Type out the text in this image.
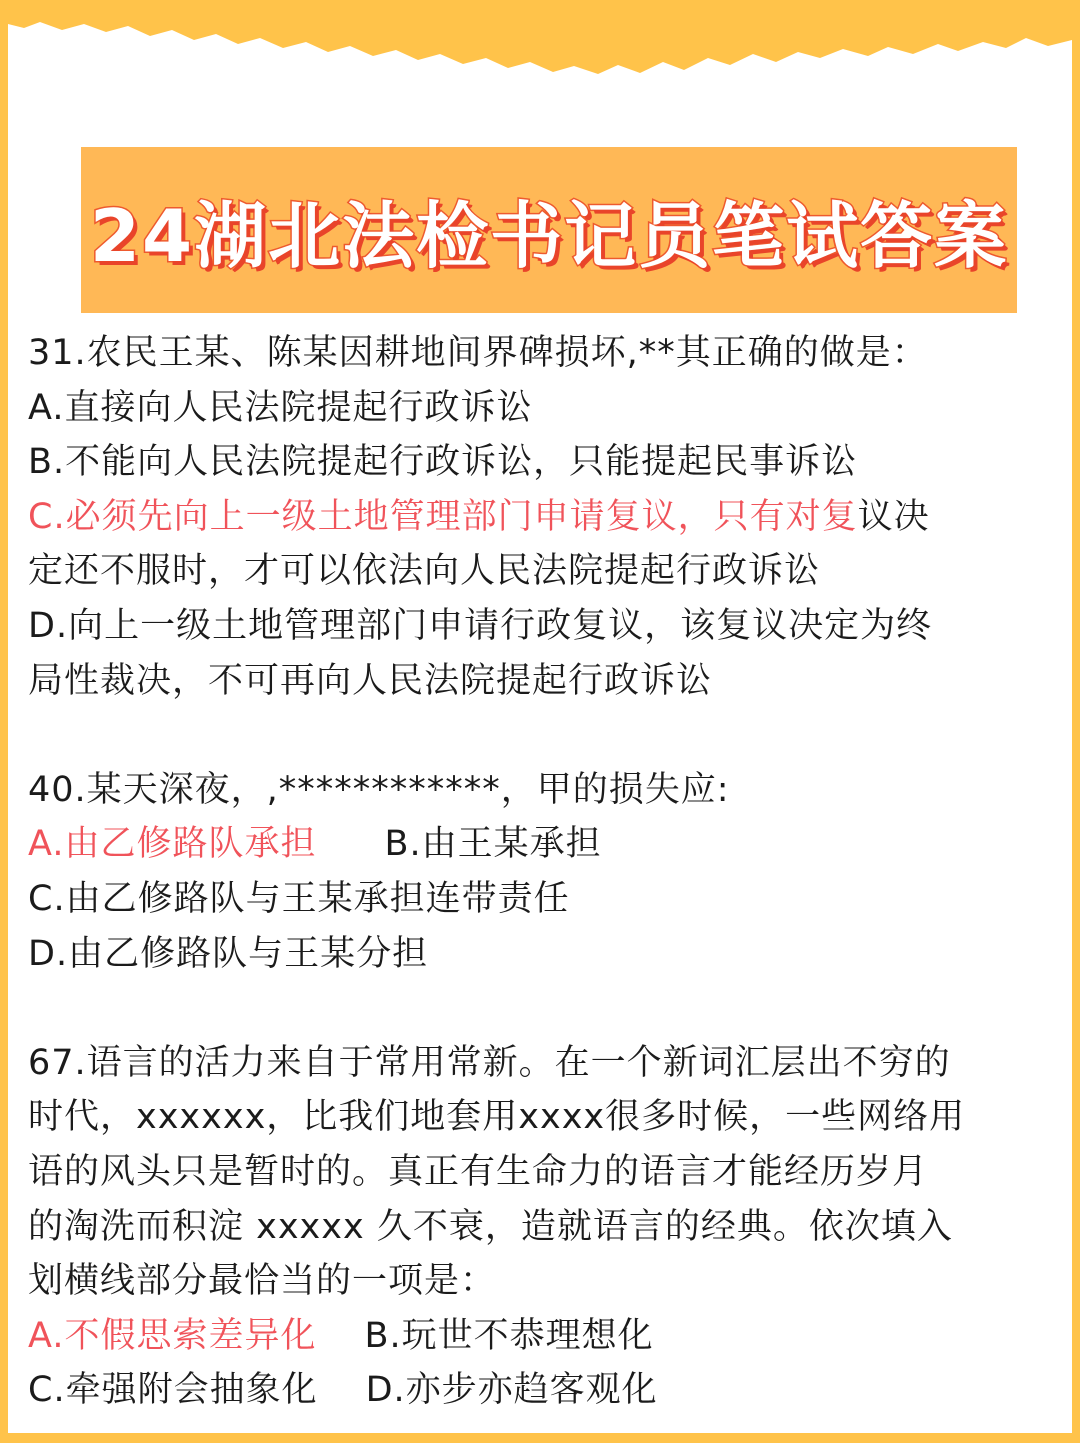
24湖北法检书记员笔试答案
31.农民王某、陈某因耕地间界碑损坏,**其正确的做是：
A.直接向人民法院提起行政诉讼
B.不能向人民法院提起行政诉讼，只能提起民事诉讼
C.必须先向上一级土地管理部门申请复议，只有对复议决
定还不服时，才可以依法向人民法院提起行政诉讼
D.向上一级土地管理部门申请行政复议，该复议决定为终
局性裁决，不可再向人民法院提起行政诉讼
40.某天深夜，,************，甲的损失应:
A.由乙修路队承担 B.由王某承担
C.由乙修路队与王某承担连带责任
D.由乙修路队与王某分担
67.语言的活力来自于常用常新。在一个新词汇层出不穷的
时代，xxxxxx，比我们地套用xxxx很多时候，一些网络用
语的风头只是暂时的。真正有生命力的语言才能经历岁月
的淘洗而积淀 xxxxx 久不衰，造就语言的经典。依次填入
划横线部分最恰当的一项是：
A.不假思索差异化 B.玩世不恭理想化
C.牵强附会抽象化 D.亦步亦趋客观化
